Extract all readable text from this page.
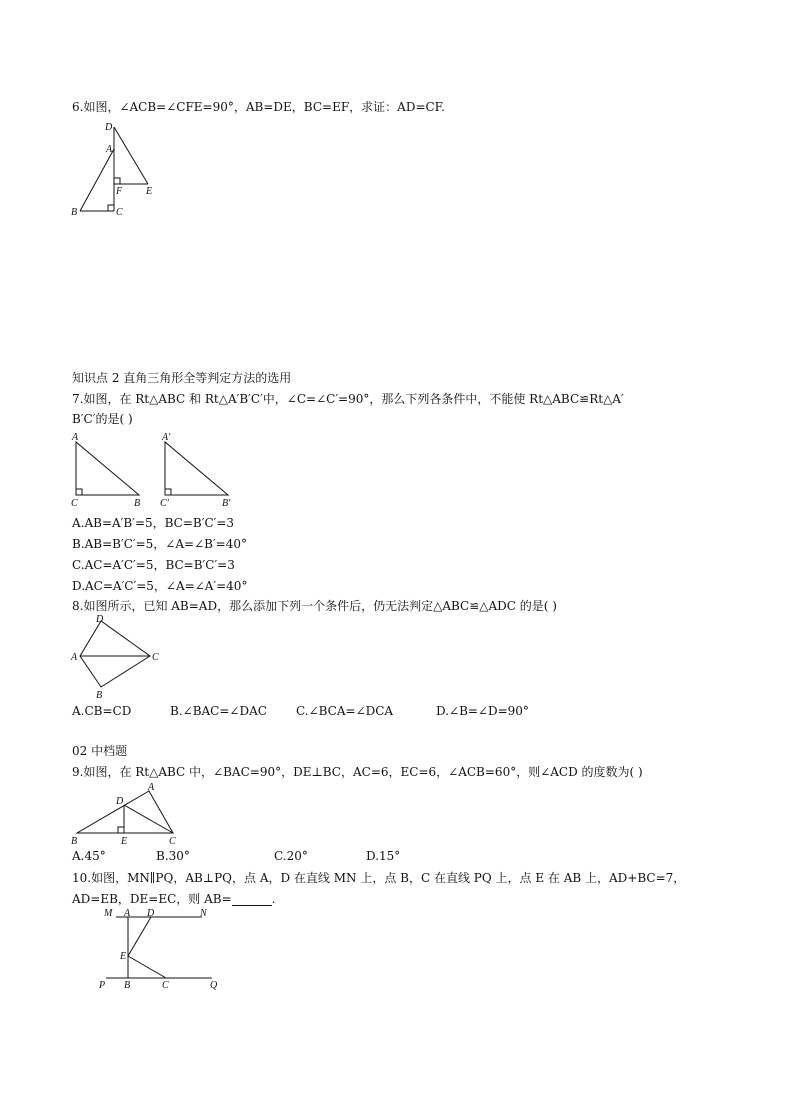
6.如图，∠ACB=∠CFE=90°，AB=DE，BC=EF，求证：AD=CF.
D
A
F E
B	C
知识点 2 直角三角形全等判定方法的选用
7.如图，在 Rt△ABC 和 Rt△A′B′C′中，∠C=∠C′=90°，那么下列各条件中，不能使 Rt△ABC≌Rt△A′
B′C′的是( )
A
C	B
A′
C′	B′
A.AB=A′B′=5，BC=B′C′=3
B.AB=B′C′=5，∠A=∠B′=40°
C.AC=A′C′=5，BC=B′C′=3
D.AC=A′C′=5，∠A=∠A′=40°
8.如图所示，已知 AB=AD，那么添加下列一个条件后，仍无法判定△ABC≌△ADC 的是( )
D
A	C
B
A.CB=CD	B.∠BAC=∠DAC C.∠BCA=∠DCA	D.∠B=∠D=90°
02 中档题
9.如图，在 Rt△ABC 中，∠BAC=90°，DE⊥BC，AC=6，EC=6，∠ACB=60°，则∠ACD 的度数为( )
A
D
B	E	C
A.45°	B.30°	C.20°	D.15°
10.如图，MN∥PQ，AB⊥PQ，点 A，D 在直线 MN 上，点 B，C 在直线 PQ 上，点 E 在 AB 上，AD+BC=7，
AD=EB，DE=EC，则 AB=	.
M A D	N
E
P B	C	Q
